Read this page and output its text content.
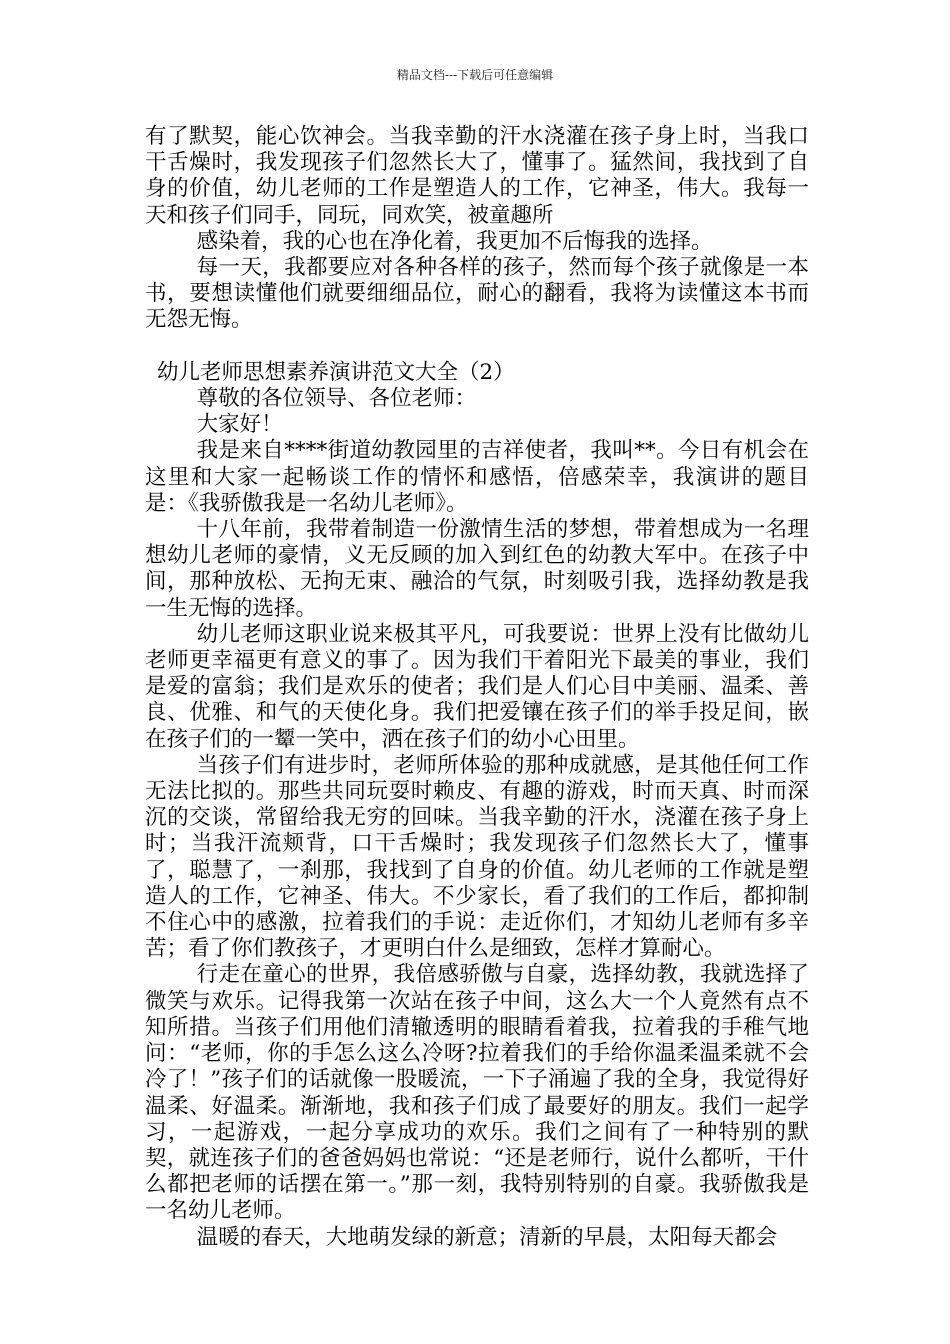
精品文档---下载后可任意编辑

有了默契，能心饮神会。当我幸勤的汗水浇灌在孩子身上时，当我口干舌燥时，我发现孩子们忽然长大了，懂事了。猛然间，我找到了自身的价值，幼儿老师的工作是塑造人的工作，它神圣，伟大。我每一天和孩子们同手，同玩，同欢笑，被童趣所

感染着，我的心也在净化着，我更加不后悔我的选择。

每一天，我都要应对各种各样的孩子，然而每个孩子就像是一本书，要想读懂他们就要细细品位，耐心的翻看，我将为读懂这本书而无怨无悔。

幼儿老师思想素养演讲范文大全（2）

尊敬的各位领导、各位老师：

大家好！

我是来自****街道幼教园里的吉祥使者，我叫**。今日有机会在这里和大家一起畅谈工作的情怀和感悟，倍感荣幸，我演讲的题目是：《我骄傲我是一名幼儿老师》。

十八年前，我带着制造一份激情生活的梦想，带着想成为一名理想幼儿老师的豪情，义无反顾的加入到红色的幼教大军中。在孩子中间，那种放松、无拘无束、融洽的气氛，时刻吸引我，选择幼教是我一生无悔的选择。

幼儿老师这职业说来极其平凡，可我要说：世界上没有比做幼儿老师更幸福更有意义的事了。因为我们干着阳光下最美的事业，我们是爱的富翁；我们是欢乐的使者；我们是人们心目中美丽、温柔、善良、优雅、和气的天使化身。我们把爱镶在孩子们的举手投足间，嵌在孩子们的一颦一笑中，洒在孩子们的幼小心田里。

当孩子们有进步时，老师所体验的那种成就感，是其他任何工作无法比拟的。那些共同玩耍时赖皮、有趣的游戏，时而天真、时而深沉的交谈，常留给我无穷的回味。当我辛勤的汗水，浇灌在孩子身上时；当我汗流颊背，口干舌燥时；我发现孩子们忽然长大了，懂事了，聪慧了，一刹那，我找到了自身的价值。幼儿老师的工作就是塑造人的工作，它神圣、伟大。不少家长，看了我们的工作后，都抑制不住心中的感激，拉着我们的手说：走近你们，才知幼儿老师有多辛苦；看了你们教孩子，才更明白什么是细致，怎样才算耐心。

行走在童心的世界，我倍感骄傲与自豪，选择幼教，我就选择了微笑与欢乐。记得我第一次站在孩子中间，这么大一个人竟然有点不知所措。当孩子们用他们清辙透明的眼睛看着我，拉着我的手稚气地问：“老师，你的手怎么这么冷呀?拉着我们的手给你温柔温柔就不会冷了！”孩子们的话就像一股暖流，一下子涌遍了我的全身，我觉得好温柔、好温柔。渐渐地，我和孩子们成了最要好的朋友。我们一起学习，一起游戏，一起分享成功的欢乐。我们之间有了一种特别的默契，就连孩子们的爸爸妈妈也常说：“还是老师行，说什么都听，干什么都把老师的话摆在第一。”那一刻，我特别特别的自豪。我骄傲我是一名幼儿老师。

温暖的春天，大地萌发绿的新意；清新的早晨，太阳每天都会
